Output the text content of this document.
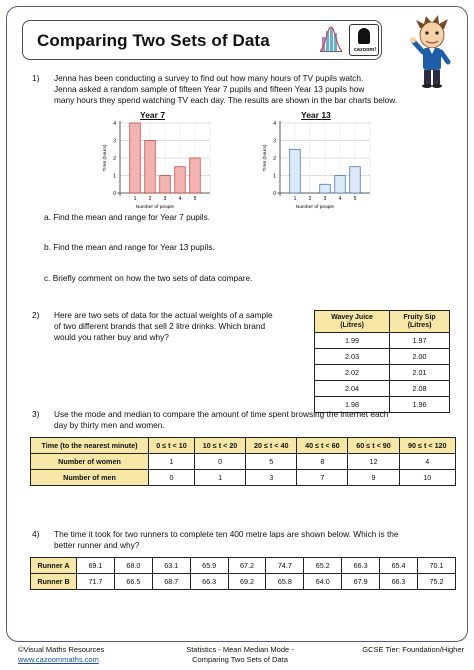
Comparing Two Sets of Data	cazoom!
1) Jenna has been conducting a survey to find out how many hours of TV pupils watch.
Jenna asked a random sample of fifteen Year 7 pupils and fifteen Year 13 pupils how
many hours they spend watching TV each day. The results are shown in the bar charts below.
Year 7
0
1
2
3
4
1 2 3 4 5
Number of people
Time (hours)
Year 13
0
1
2
3
4
1 2 3 4 5
Number of people
Time (hours)
a. Find the mean and range for Year 7 pupils.
b. Find the mean and range for Year 13 pupils.
c. Briefly comment on how the two sets of data compare.
2) Here are two sets of data for the actual weights of a sample
of two different brands that sell 2 litre drinks. Which brand
would you rather buy and why?
Wavey Juice
(Litres)	Fruity Sip
(Litres)
1.99	1.97
2.03	2.00
2.02	2.01
2.04	2.08
1.98	1.96
3) Use the mode and median to compare the amount of time spent browsing the internet each
day by thirty men and women.
Time (to the nearest minute)	0 ≤ t < 10	10 ≤ t < 20	20 ≤ t < 40	40 ≤ t < 60	60 ≤ t < 90	90 ≤ t < 120
Number of women	1	0	5	8	12	4
Number of men	0	1	3	7	9	10
4) The time it took for two runners to complete ten 400 metre laps are shown below. Which is the
better runner and why?
Runner A	69.1	68.0	63.1	65.9	67.2	74.7	65.2	66.3	65.4	70.1
Runner B	71.7	66.5	68.7	66.3	69.2	65.8	64.0	67.9	66.3	75.2
©Visual Maths Resources
www.cazoommaths.com
Statistics - Mean Median Mode -
Comparing Two Sets of Data
GCSE Tier: Foundation/Higher
